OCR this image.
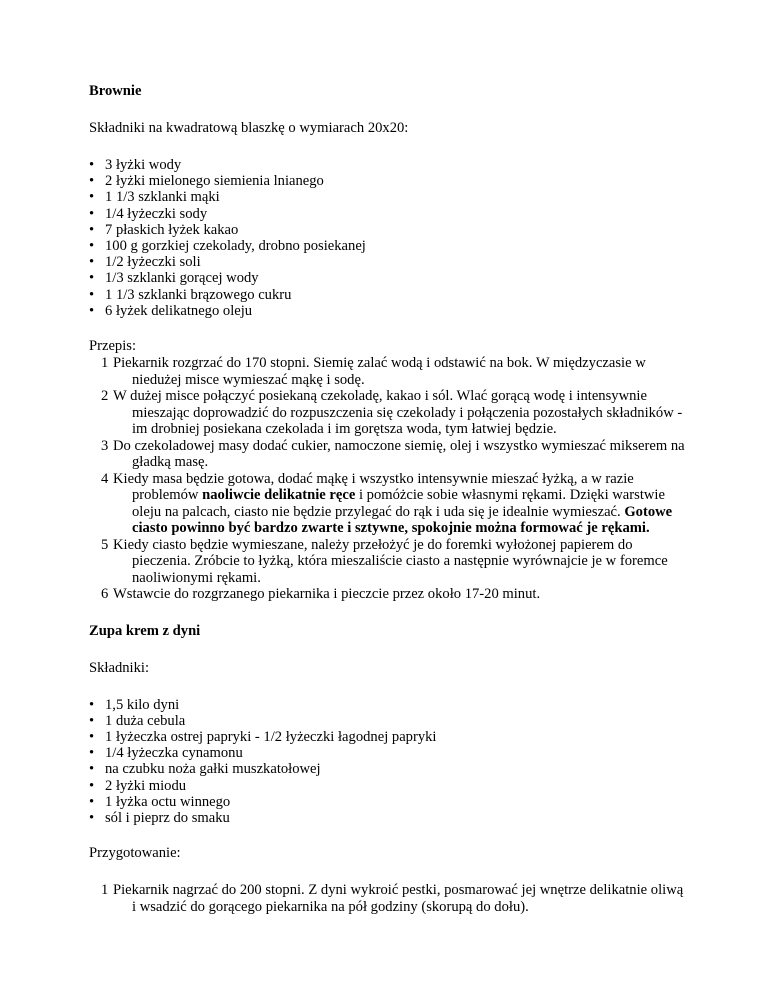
Brownie
Składniki na kwadratową blaszkę o wymiarach 20x20:
• 3 łyżki wody
• 2 łyżki mielonego siemienia lnianego
• 1 1/3 szklanki mąki
• 1/4 łyżeczki sody
• 7 płaskich łyżek kakao
• 100 g gorzkiej czekolady, drobno posiekanej
• 1/2 łyżeczki soli
• 1/3 szklanki gorącej wody
• 1 1/3 szklanki brązowego cukru
• 6 łyżek delikatnego oleju
Przepis:
1 Piekarnik rozgrzać do 170 stopni. Siemię zalać wodą i odstawić na bok. W międzyczasie w niedużej misce wymieszać mąkę i sodę.
2 W dużej misce połączyć posiekaną czekoladę, kakao i sól. Wlać gorącą wodę i intensywnie mieszając doprowadzić do rozpuszczenia się czekolady i połączenia pozostałych składników - im drobniej posiekana czekolada i im gorętsza woda, tym łatwiej będzie.
3 Do czekoladowej masy dodać cukier, namoczone siemię, olej i wszystko wymieszać mikserem na gładką masę.
4 Kiedy masa będzie gotowa, dodać mąkę i wszystko intensywnie mieszać łyżką, a w razie problemów naoliwcie delikatnie ręce i pomóżcie sobie własnymi rękami. Dzięki warstwie oleju na palcach, ciasto nie będzie przylegać do rąk i uda się je idealnie wymieszać. Gotowe ciasto powinno być bardzo zwarte i sztywne, spokojnie można formować je rękami.
5 Kiedy ciasto będzie wymieszane, należy przełożyć je do foremki wyłożonej papierem do pieczenia. Zróbcie to łyżką, która mieszaliście ciasto a następnie wyrównajcie je w foremce naoliwionymi rękami.
6 Wstawcie do rozgrzanego piekarnika i pieczcie przez około 17-20 minut.
Zupa krem z dyni
Składniki:
• 1,5 kilo dyni
• 1 duża cebula
• 1 łyżeczka ostrej papryki - 1/2 łyżeczki łagodnej papryki
• 1/4 łyżeczka cynamonu
• na czubku noża gałki muszkatołowej
• 2 łyżki miodu
• 1 łyżka octu winnego
• sól i pieprz do smaku
Przygotowanie:
1 Piekarnik nagrzać do 200 stopni. Z dyni wykroić pestki, posmarować jej wnętrze delikatnie oliwą i wsadzić do gorącego piekarnika na pół godziny (skorupą do dołu).
